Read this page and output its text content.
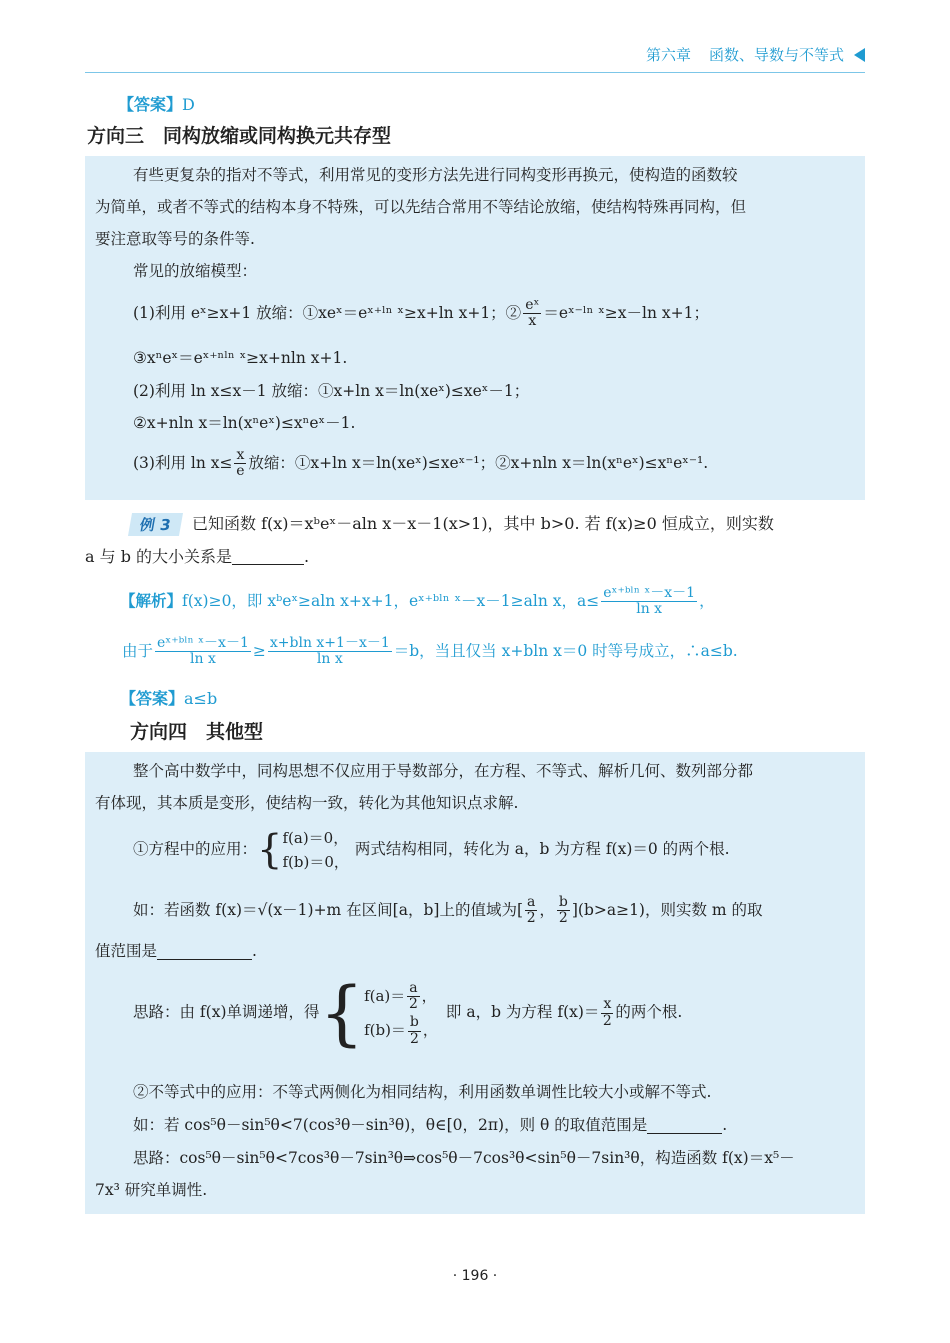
第六章 函数、导数与不等式
【答案】D
方向三　同构放缩或同构换元共存型
有些更复杂的指对不等式，利用常见的变形方法先进行同构变形再换元，使构造的函数较
为简单，或者不等式的结构本身不特殊，可以先结合常用不等结论放缩，使结构特殊再同构，但
要注意取等号的条件等.
常见的放缩模型：
(1)利用 eˣ≥x+1 放缩：①xeˣ＝eˣ⁺ˡⁿ ˣ≥x+ln x+1；② $\frac{\text{eˣ}}{x}$ ＝eˣ⁻ˡⁿ ˣ≥x－ln x+1；
③xⁿeˣ＝eˣ⁺ⁿˡⁿ ˣ≥x+nln x+1.
(2)利用 ln x≤x－1 放缩：①x+ln x＝ln(xeˣ)≤xeˣ－1；
②x+nln x＝ln(xⁿeˣ)≤xⁿeˣ－1.
(3)利用 $\ln x\le \frac{x}{e}$ 放缩：①x+ln x＝ln(xeˣ)≤xeˣ⁻¹；②x+nln x＝ln(xⁿeˣ)≤xⁿeˣ⁻¹.
例 3	已知函数 f(x)＝xᵇeˣ－aln x－x－1(x>1)，其中 b>0. 若 f(x)≥0 恒成立，则实数
a 与 b 的大小关系是	.
【解析】f(x)≥0，即 xᵇeˣ≥aln x+x+1，eˣ⁺ᵇˡⁿ ˣ－x－1≥aln x，$a\le \frac{\text{eˣ⁺ᵇˡⁿ ˣ－x－1}}{\text{ln x}}$ ，
由于 $\frac{\text{eˣ⁺ᵇˡⁿ ˣ－x－1}}{\text{ln x}} \ge \frac{\text{x+bln x+1－x－1}}{\text{ln x}} =b$，当且仅当 x+bln x＝0 时等号成立，∴a≤b.
【答案】a≤b
方向四　其他型
整个高中数学中，同构思想不仅应用于导数部分，在方程、不等式、解析几何、数列部分都
有体现，其本质是变形，使结构一致，转化为其他知识点求解.
①方程中的应用：{ f(a)＝0，
f(b)＝0，
两式结构相同，转化为 a，b 为方程 f(x)＝0 的两个根.
如：若函数 f(x)＝√(x－1)+m 在区间[a，b]上的值域为[ $\frac{a}{2}$ ， $\frac{b}{2} ](b>a\ge 1)$，则实数 m 的取
值范围是	.
思路：由 f(x)单调递增，得{ $f(a)= \frac{a}{2}$ ，
$f(b)= \frac{b}{2}$ ，
即 a，b 为方程 $f(x)= \frac{x}{2}$ 的两个根.
②不等式中的应用：不等式两侧化为相同结构，利用函数单调性比较大小或解不等式.
如：若 cos⁵θ－sin⁵θ<7(cos³θ－sin³θ)，θ∈[0，2π)，则 θ 的取值范围是	.
思路：cos⁵θ－sin⁵θ<7cos³θ－7sin³θ⇒cos⁵θ－7cos³θ<sin⁵θ－7sin³θ，构造函数 f(x)＝x⁵－
7x³ 研究单调性.
· 196 ·
